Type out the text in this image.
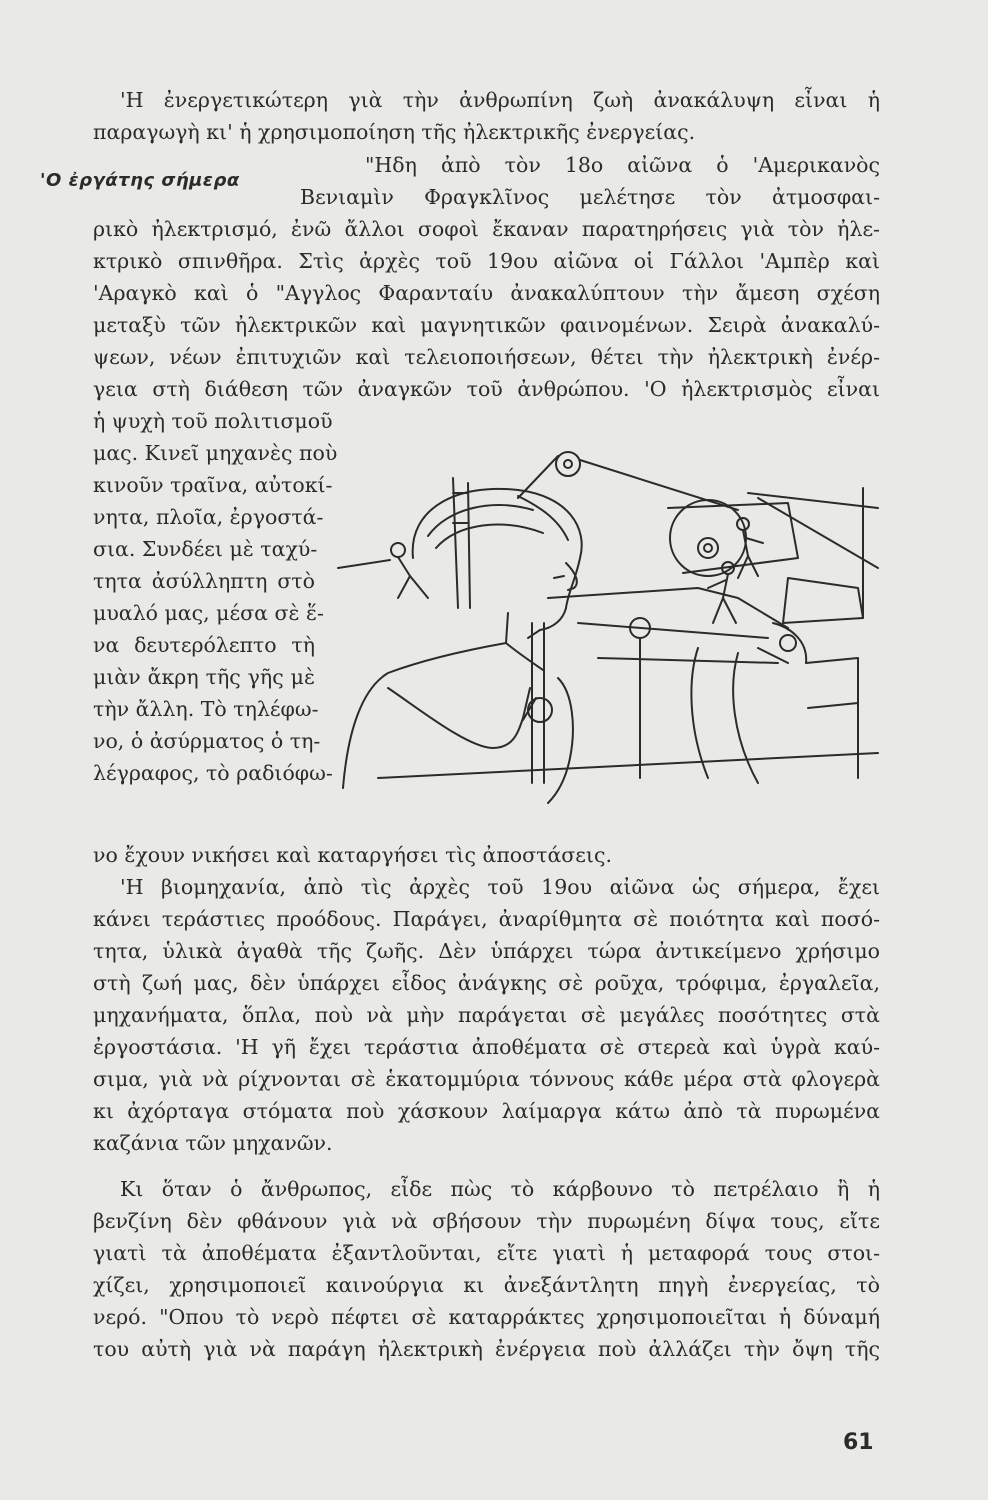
'Η ἐνεργετικώτερη γιὰ τὴν ἀνθρωπίνη ζωὴ ἀνακάλυψη εἶναι ἡ
παραγωγὴ κι' ἡ χρησιμοποίηση τῆς ἠλεκτρικῆς ἐνεργείας.
'Ο ἐργάτης σήμερα
"Ηδη ἀπὸ τὸν 18ο αἰῶνα ὁ 'Αμερικανὸς
Βενιαμὶν Φραγκλῖνος μελέτησε τὸν ἀτμοσφαι-
ρικὸ ἠλεκτρισμό, ἐνῶ ἄλλοι σοφοὶ ἔκαναν παρατηρήσεις γιὰ τὸν ἠλε-
κτρικὸ σπινθῆρα. Στὶς ἀρχὲς τοῦ 19ου αἰῶνα οἱ Γάλλοι 'Αμπὲρ καὶ
'Αραγκὸ καὶ ὁ "Αγγλος Φαρανταίυ ἀνακαλύπτουν τὴν ἄμεση σχέση
μεταξὺ τῶν ἠλεκτρικῶν καὶ μαγνητικῶν φαινομένων. Σειρὰ ἀνακαλύ-
ψεων, νέων ἐπιτυχιῶν καὶ τελειοποιήσεων, θέτει τὴν ἠλεκτρικὴ ἐνέρ-
γεια στὴ διάθεση τῶν ἀναγκῶν τοῦ ἀνθρώπου. 'Ο ἠλεκτρισμὸς εἶναι
ἡ ψυχὴ τοῦ πολιτισμοῦ
μας. Κινεῖ μηχανὲς ποὺ
κινοῦν τραῖνα, αὐτοκί-
νητα, πλοῖα, ἐργοστά-
σια. Συνδέει μὲ ταχύ-
τητα ἀσύλληπτη στὸ
μυαλό μας, μέσα σὲ ἕ-
να δευτερόλεπτο τὴ
μιὰν ἄκρη τῆς γῆς μὲ
τὴν ἄλλη. Τὸ τηλέφω-
νο, ὁ ἀσύρματος ὁ τη-
λέγραφος, τὸ ραδιόφω-
νο ἔχουν νικήσει καὶ καταργήσει τὶς ἀποστάσεις.
'Η βιομηχανία, ἀπὸ τὶς ἀρχὲς τοῦ 19ου αἰῶνα ὡς σήμερα, ἔχει
κάνει τεράστιες προόδους. Παράγει, ἀναρίθμητα σὲ ποιότητα καὶ ποσό-
τητα, ὑλικὰ ἀγαθὰ τῆς ζωῆς. Δὲν ὑπάρχει τώρα ἀντικείμενο χρήσιμο
στὴ ζωή μας, δὲν ὑπάρχει εἶδος ἀνάγκης σὲ ροῦχα, τρόφιμα, ἐργαλεῖα,
μηχανήματα, ὅπλα, ποὺ νὰ μὴν παράγεται σὲ μεγάλες ποσότητες στὰ
ἐργοστάσια. 'Η γῆ ἔχει τεράστια ἀποθέματα σὲ στερεὰ καὶ ὑγρὰ καύ-
σιμα, γιὰ νὰ ρίχνονται σὲ ἑκατομμύρια τόννους κάθε μέρα στὰ φλογερὰ
κι ἀχόρταγα στόματα ποὺ χάσκουν λαίμαργα κάτω ἀπὸ τὰ πυρωμένα
καζάνια τῶν μηχανῶν.
Κι ὅταν ὁ ἄνθρωπος, εἶδε πὼς τὸ κάρβουνο τὸ πετρέλαιο ἢ ἡ
βενζίνη δὲν φθάνουν γιὰ νὰ σβήσουν τὴν πυρωμένη δίψα τους, εἴτε
γιατὶ τὰ ἀποθέματα ἐξαντλοῦνται, εἴτε γιατὶ ἡ μεταφορά τους στοι-
χίζει, χρησιμοποιεῖ καινούργια κι ἀνεξάντλητη πηγὴ ἐνεργείας, τὸ
νερό. "Οπου τὸ νερὸ πέφτει σὲ καταρράκτες χρησιμοποιεῖται ἡ δύναμή
του αὐτὴ γιὰ νὰ παράγη ἠλεκτρικὴ ἐνέργεια ποὺ ἀλλάζει τὴν ὄψη τῆς
61
